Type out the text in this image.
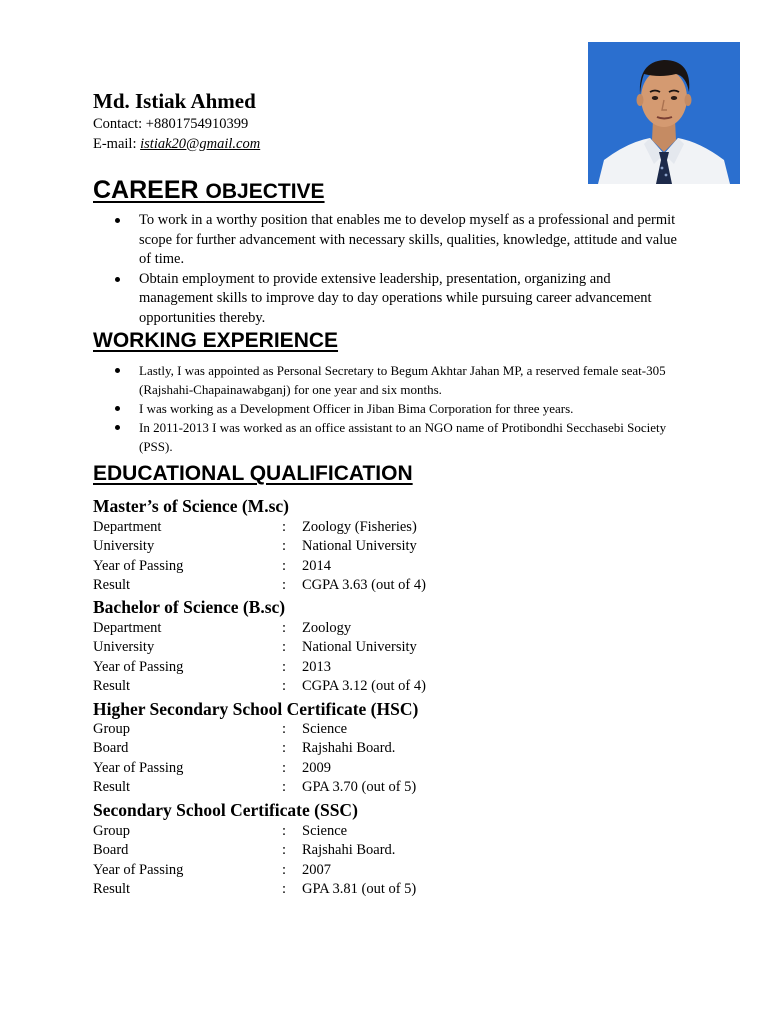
Md. Istiak Ahmed
Contact: +8801754910399
E-mail: istiak20@gmail.com
CAREER OBJECTIVE
To work in a worthy position that enables me to develop myself as a professional and permit scope for further advancement with necessary skills, qualities, knowledge, attitude and value of time.
Obtain employment to provide extensive leadership, presentation, organizing and management skills to improve day to day operations while pursuing career advancement opportunities thereby.
WORKING EXPERIENCE
Lastly, I was appointed as Personal Secretary to Begum Akhtar Jahan MP, a reserved female seat-305 (Rajshahi-Chapainawabganj) for one year and six months.
I was working as a Development Officer in Jiban Bima Corporation for three years.
In 2011-2013 I was worked as an office assistant to an NGO name of Protibondhi Secchasebi Society (PSS).
EDUCATIONAL QUALIFICATION
Master’s of Science (M.sc)
Department	: Zoology (Fisheries)
University	: National University
Year of Passing	: 2014
Result	: CGPA 3.63 (out of 4)
Bachelor of Science (B.sc)
Department	: Zoology
University	: National University
Year of Passing	: 2013
Result	: CGPA 3.12 (out of 4)
Higher Secondary School Certificate (HSC)
Group	: Science
Board	: Rajshahi Board.
Year of Passing	: 2009
Result	: GPA 3.70 (out of 5)
Secondary School Certificate (SSC)
Group	: Science
Board	: Rajshahi Board.
Year of Passing	: 2007
Result	: GPA 3.81 (out of 5)
